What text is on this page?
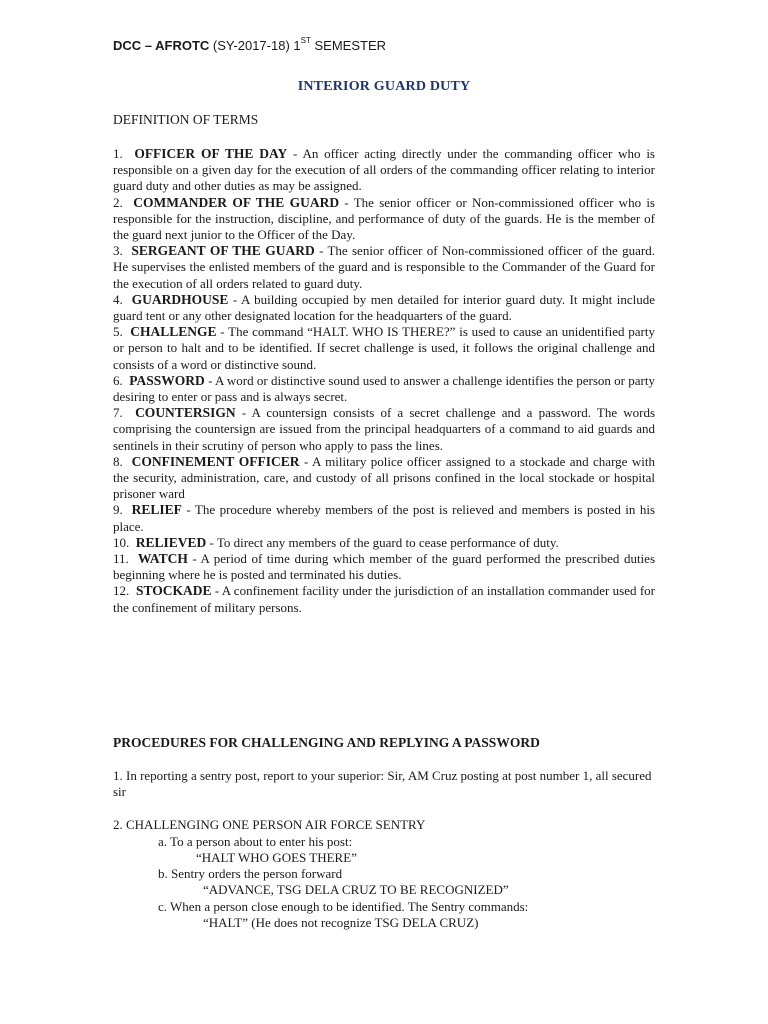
DCC – AFROTC (SY-2017-18) 1ST SEMESTER
INTERIOR GUARD DUTY
DEFINITION OF TERMS

1. OFFICER OF THE DAY - An officer acting directly under the commanding officer who is responsible on a given day for the execution of all orders of the commanding officer relating to interior guard duty and other duties as may be assigned.

2. COMMANDER OF THE GUARD - The senior officer or Non-commissioned officer who is responsible for the instruction, discipline, and performance of duty of the guards. He is the member of the guard next junior to the Officer of the Day.

3. SERGEANT OF THE GUARD - The senior officer of Non-commissioned officer of the guard. He supervises the enlisted members of the guard and is responsible to the Commander of the Guard for the execution of all orders related to guard duty.

4. GUARDHOUSE - A building occupied by men detailed for interior guard duty. It might include guard tent or any other designated location for the headquarters of the guard.

5. CHALLENGE - The command “HALT. WHO IS THERE?” is used to cause an unidentified party or person to halt and to be identified. If secret challenge is used, it follows the original challenge and consists of a word or distinctive sound.

6. PASSWORD - A word or distinctive sound used to answer a challenge identifies the person or party desiring to enter or pass and is always secret.

7. COUNTERSIGN - A countersign consists of a secret challenge and a password. The words comprising the countersign are issued from the principal headquarters of a command to aid guards and sentinels in their scrutiny of person who apply to pass the lines.

8. CONFINEMENT OFFICER - A military police officer assigned to a stockade and charge with the security, administration, care, and custody of all prisons confined in the local stockade or hospital prisoner ward

9. RELIEF - The procedure whereby members of the post is relieved and members is posted in his place.

10. RELIEVED - To direct any members of the guard to cease performance of duty.

11. WATCH - A period of time during which member of the guard performed the prescribed duties beginning where he is posted and terminated his duties.

12. STOCKADE - A confinement facility under the jurisdiction of an installation commander used for the confinement of military persons.

PROCEDURES FOR CHALLENGING AND REPLYING A PASSWORD
1. In reporting a sentry post, report to your superior: Sir, AM Cruz posting at post number 1, all secured sir
2. CHALLENGING ONE PERSON AIR FORCE SENTRY
a. To a person about to enter his post:
“HALT WHO GOES THERE”
b. Sentry orders the person forward
“ADVANCE, TSG DELA CRUZ TO BE RECOGNIZED”
c. When a person close enough to be identified. The Sentry commands:
“HALT” (He does not recognize TSG DELA CRUZ)
